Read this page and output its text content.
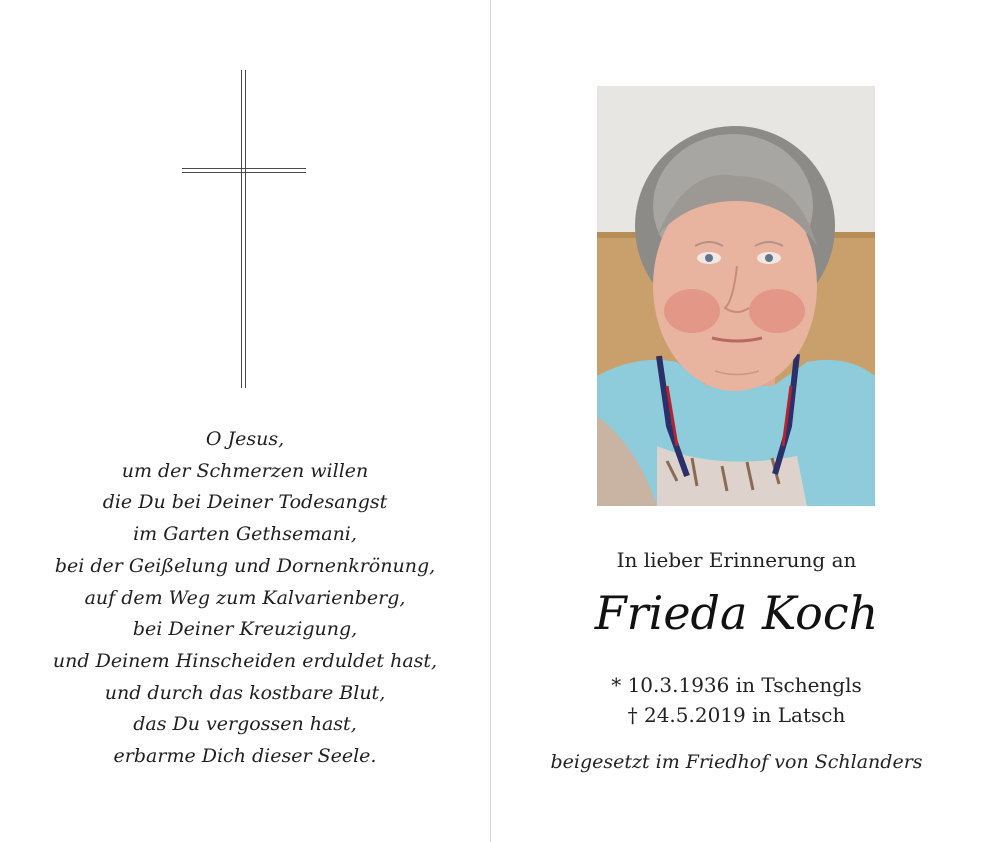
O Jesus,
um der Schmerzen willen
die Du bei Deiner Todesangst
im Garten Gethsemani,
bei der Geißelung und Dornenkrönung,
auf dem Weg zum Kalvarienberg,
bei Deiner Kreuzigung,
und Deinem Hinscheiden erduldet hast,
und durch das kostbare Blut,
das Du vergossen hast,
erbarme Dich dieser Seele.
In lieber Erinnerung an
Frieda Koch
* 10.3.1936 in Tschengls
† 24.5.2019 in Latsch
beigesetzt im Friedhof von Schlanders
